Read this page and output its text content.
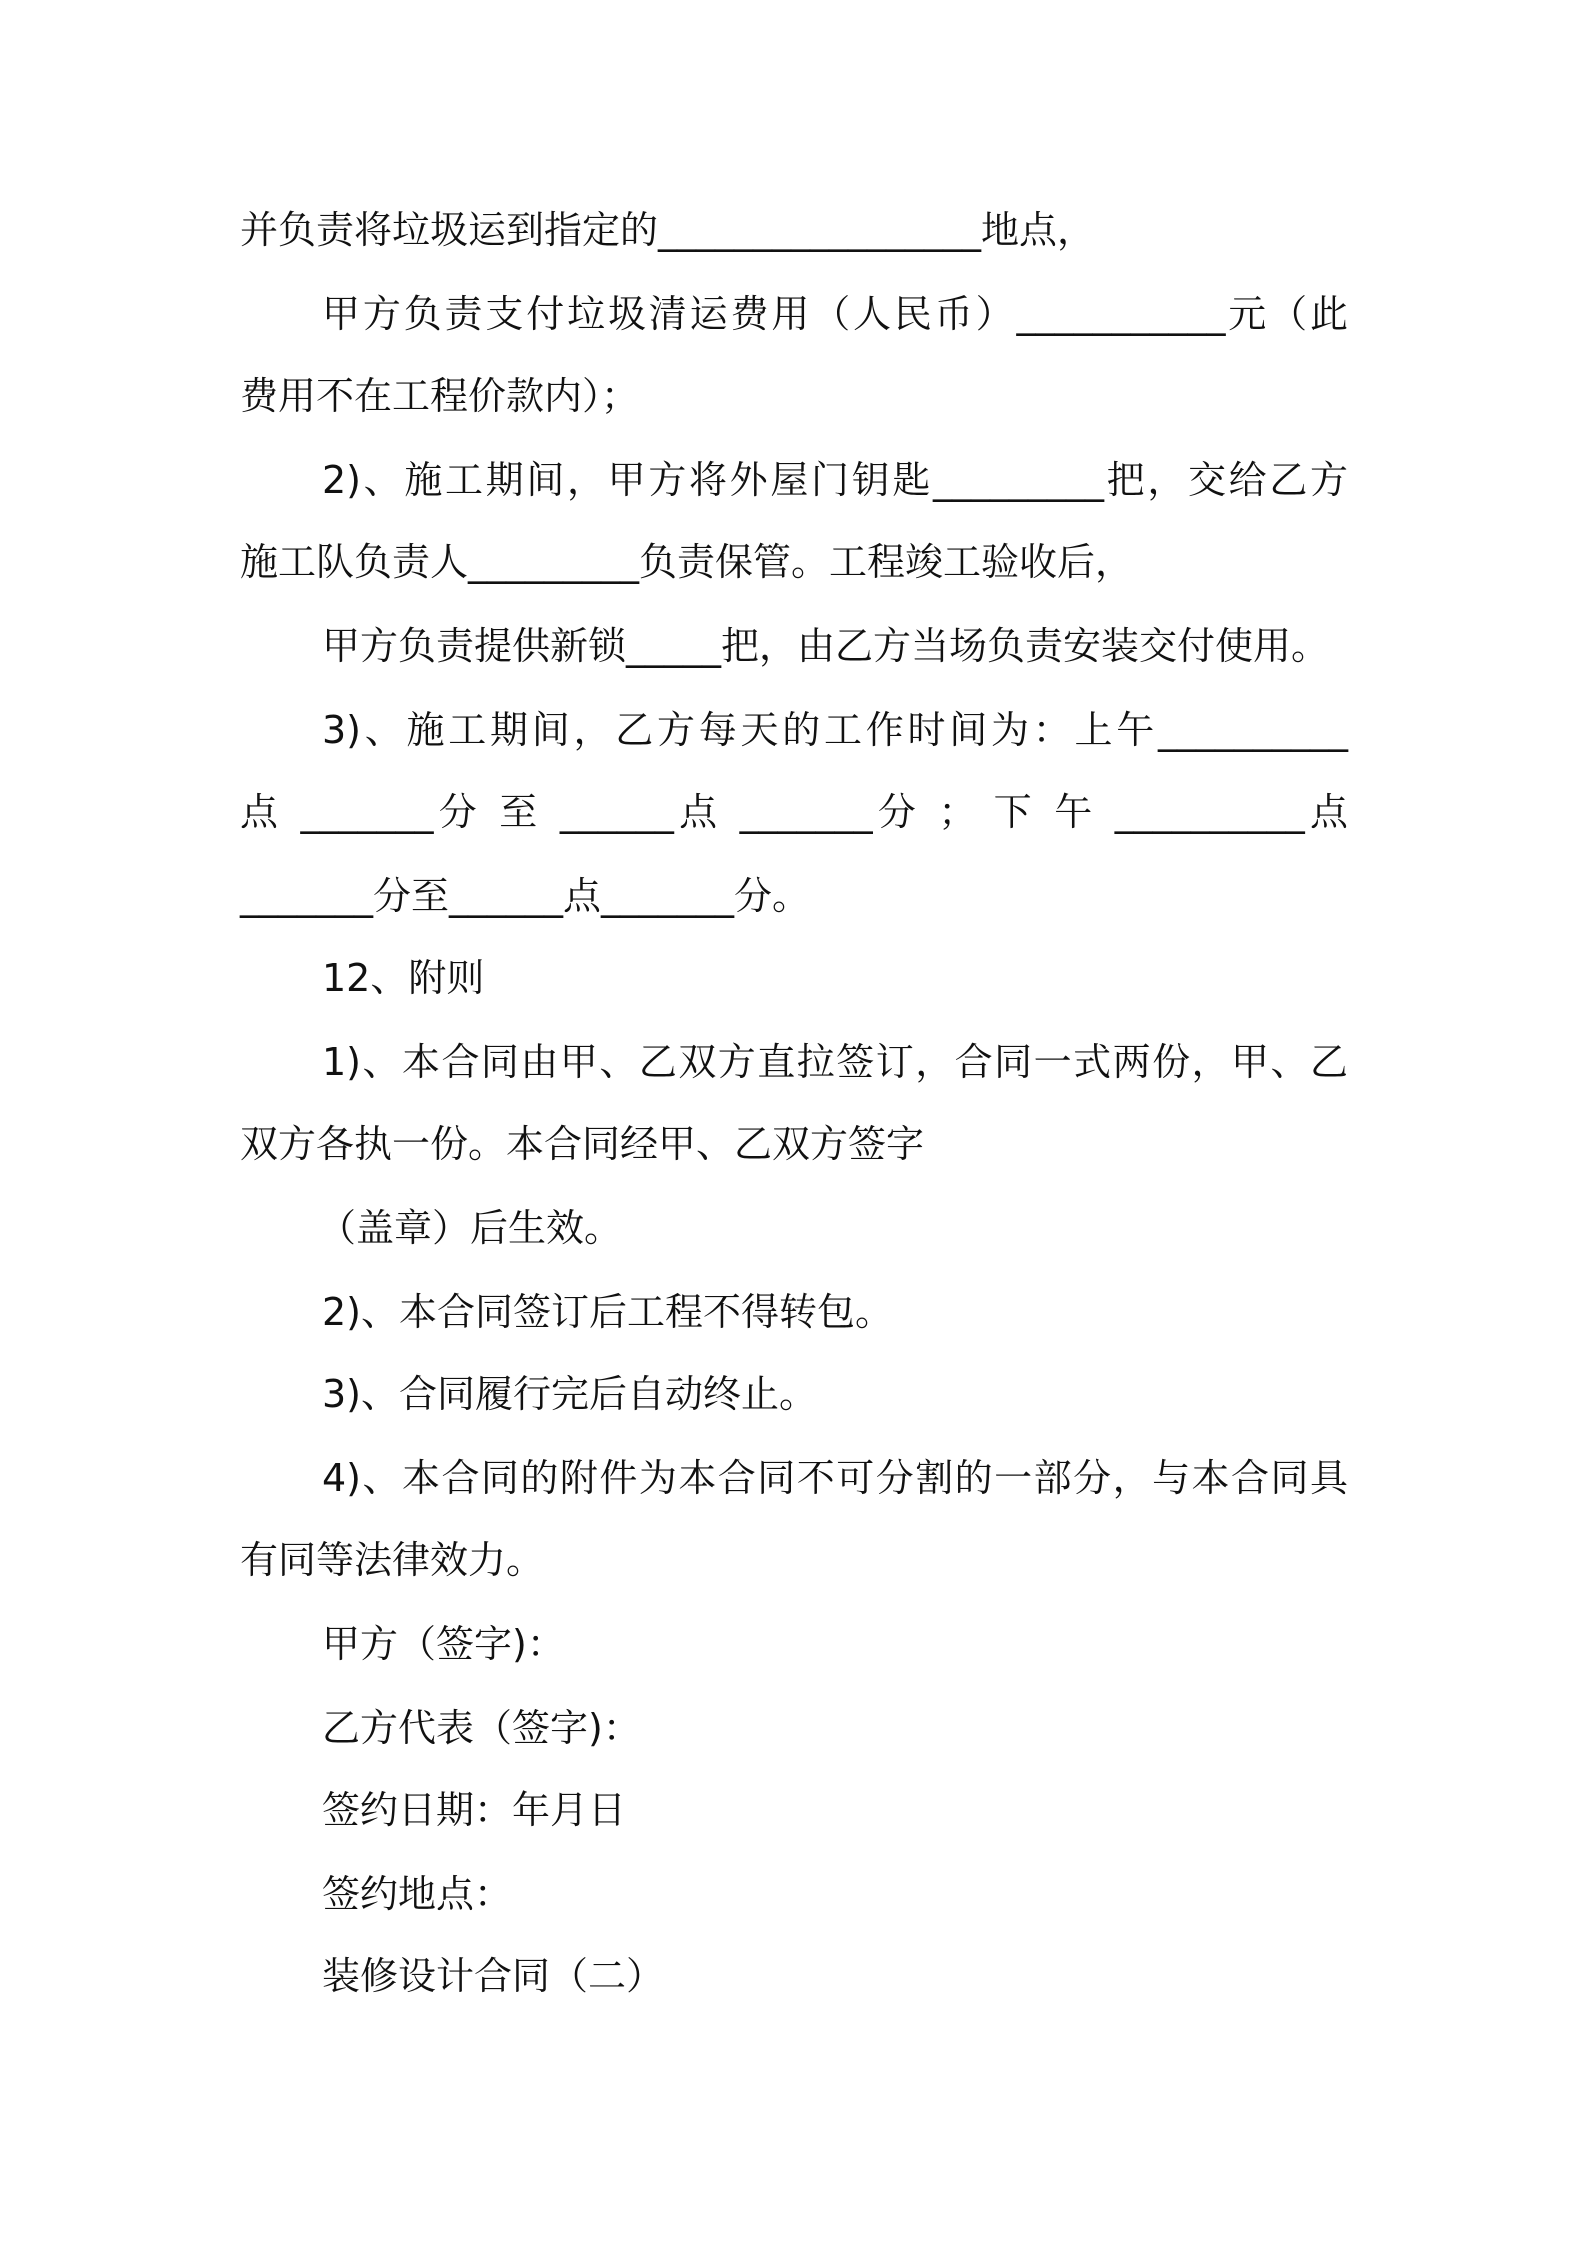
并负责将垃圾运到指定的_________________地点，
甲方负责支付垃圾清运费用（人民币）___________元（此
费用不在工程价款内）；
2)、施工期间，甲方将外屋门钥匙_________把，交给乙方
施工队负责人_________负责保管。工程竣工验收后，
甲方负责提供新锁_____把，由乙方当场负责安装交付使用。
3)、施工期间，乙方每天的工作时间为：上午__________
点 _______分 至 ______点 _______分 ； 下 午 __________点
_______分至______点_______分。
12、附则
1)、本合同由甲、乙双方直拉签订，合同一式两份，甲、乙
双方各执一份。本合同经甲、乙双方签字
（盖章）后生效。
2)、本合同签订后工程不得转包。
3)、合同履行完后自动终止。
4)、本合同的附件为本合同不可分割的一部分，与本合同具
有同等法律效力。
甲方（签字)：
乙方代表（签字)：
签约日期：年月日
签约地点：
装修设计合同（二）
